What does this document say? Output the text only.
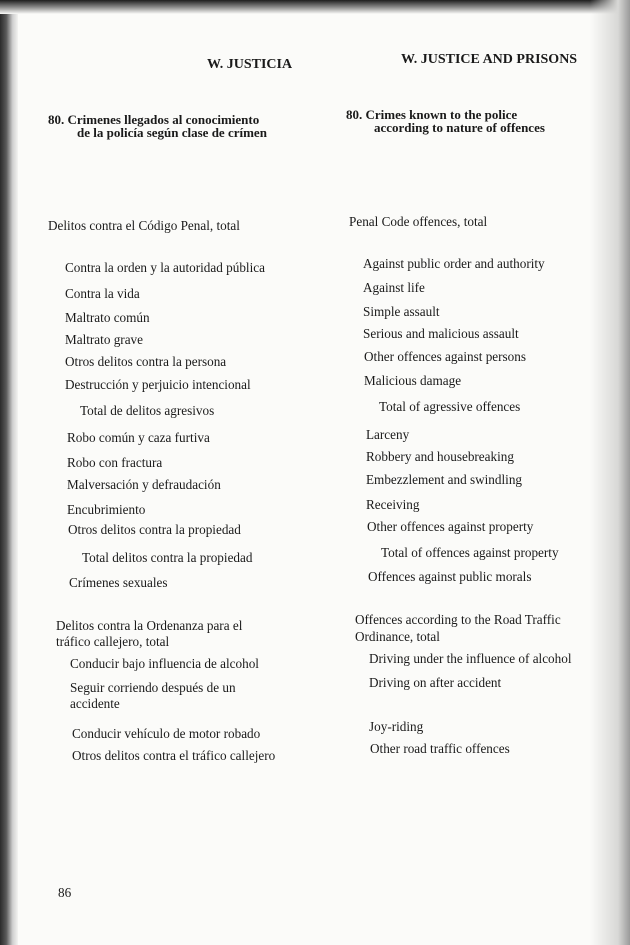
W. JUSTICIA	W. JUSTICE AND PRISONS
80. Crimenes llegados al conocimiento
de la policía según clase de crímen
80. Crimes known to the police
according to nature of offences
Delitos contra el Código Penal, total
Contra la orden y la autoridad pública
Contra la vida
Maltrato común
Maltrato grave
Otros delitos contra la persona
Destrucción y perjuicio intencional
Total de delitos agresivos
Robo común y caza furtiva
Robo con fractura
Malversación y defraudación
Encubrimiento
Otros delitos contra la propiedad
Total delitos contra la propiedad
Crímenes sexuales
Delitos contra la Ordenanza para el
tráfico callejero, total
Conducir bajo influencia de alcohol
Seguir corriendo después de un
accidente
Conducir vehículo de motor robado
Otros delitos contra el tráfico callejero
Penal Code offences, total
Against public order and authority
Against life
Simple assault
Serious and malicious assault
Other offences against persons
Malicious damage
Total of agressive offences
Larceny
Robbery and housebreaking
Embezzlement and swindling
Receiving
Other offences against property
Total of offences against property
Offences against public morals
Offences according to the Road Traffic
Ordinance, total
Driving under the influence of alcohol
Driving on after accident
Joy-riding
Other road traffic offences
86
